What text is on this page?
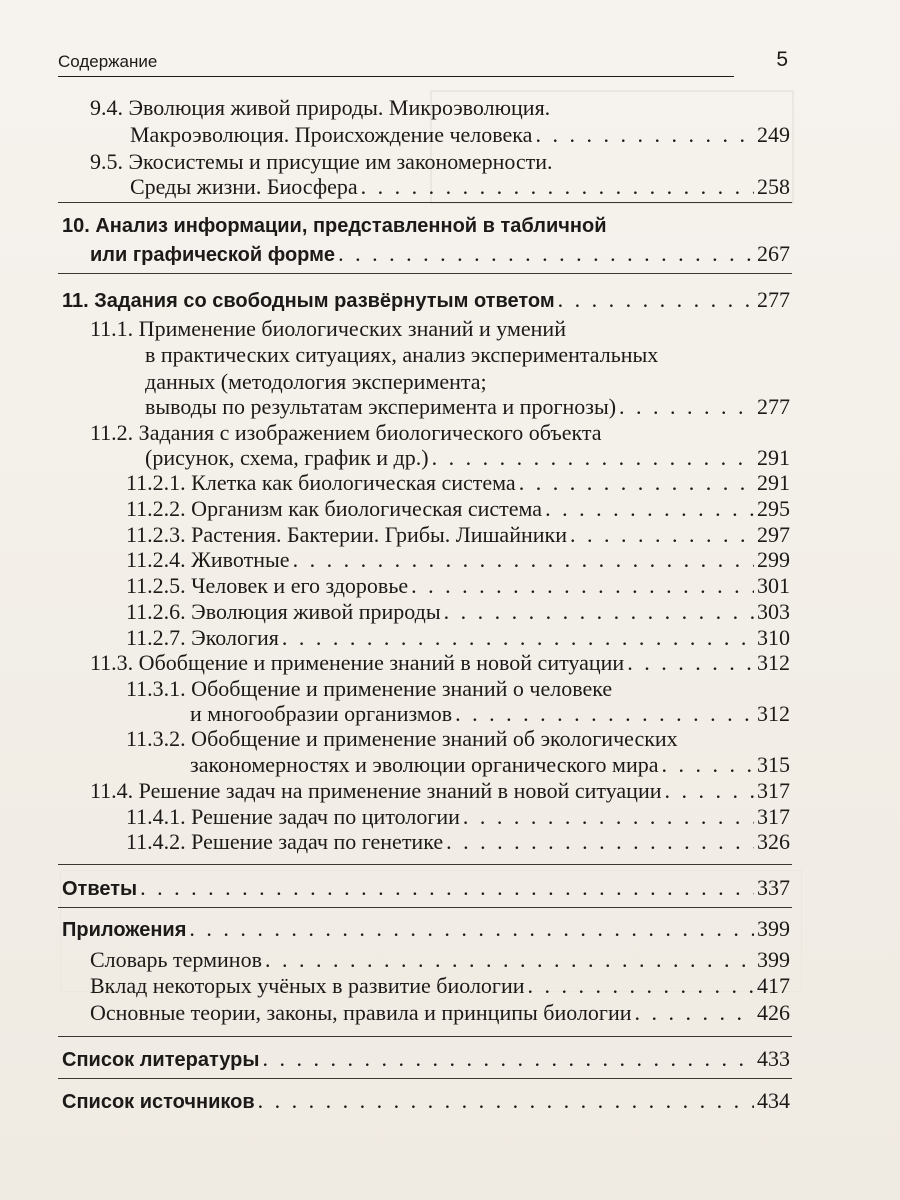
Содержание	5
9.4. Эволюция живой природы. Микроэволюция.
Макроэволюция. Происхождение человека . . .	249
9.5. Экосистемы и присущие им закономерности.
Среды жизни. Биосфера . . .	258
10. Анализ информации, представленной в табличной
или графической форме . . .	267
11. Задания со свободным развёрнутым ответом . . .	277
11.1. Применение биологических знаний и умений
в практических ситуациях, анализ экспериментальных
данных (методология эксперимента;
выводы по результатам эксперимента и прогнозы) . . .	277
11.2. Задания с изображением биологического объекта
(рисунок, схема, график и др.) . . .	291
11.2.1. Клетка как биологическая система . . .	291
11.2.2. Организм как биологическая система . . .	295
11.2.3. Растения. Бактерии. Грибы. Лишайники . . .	297
11.2.4. Животные . . .	299
11.2.5. Человек и его здоровье . . .	301
11.2.6. Эволюция живой природы . . .	303
11.2.7. Экология . . .	310
11.3. Обобщение и применение знаний в новой ситуации . . .	312
11.3.1. Обобщение и применение знаний о человеке
и многообразии организмов . . .	312
11.3.2. Обобщение и применение знаний об экологических
закономерностях и эволюции органического мира . . .	315
11.4. Решение задач на применение знаний в новой ситуации . . .	317
11.4.1. Решение задач по цитологии . . .	317
11.4.2. Решение задач по генетике . . .	326
Ответы . . .	337
Приложения . . .	399
Словарь терминов . . .	399
Вклад некоторых учёных в развитие биологии . . .	417
Основные теории, законы, правила и принципы биологии . . .	426
Список литературы . . .	433
Список источников . . .	434
